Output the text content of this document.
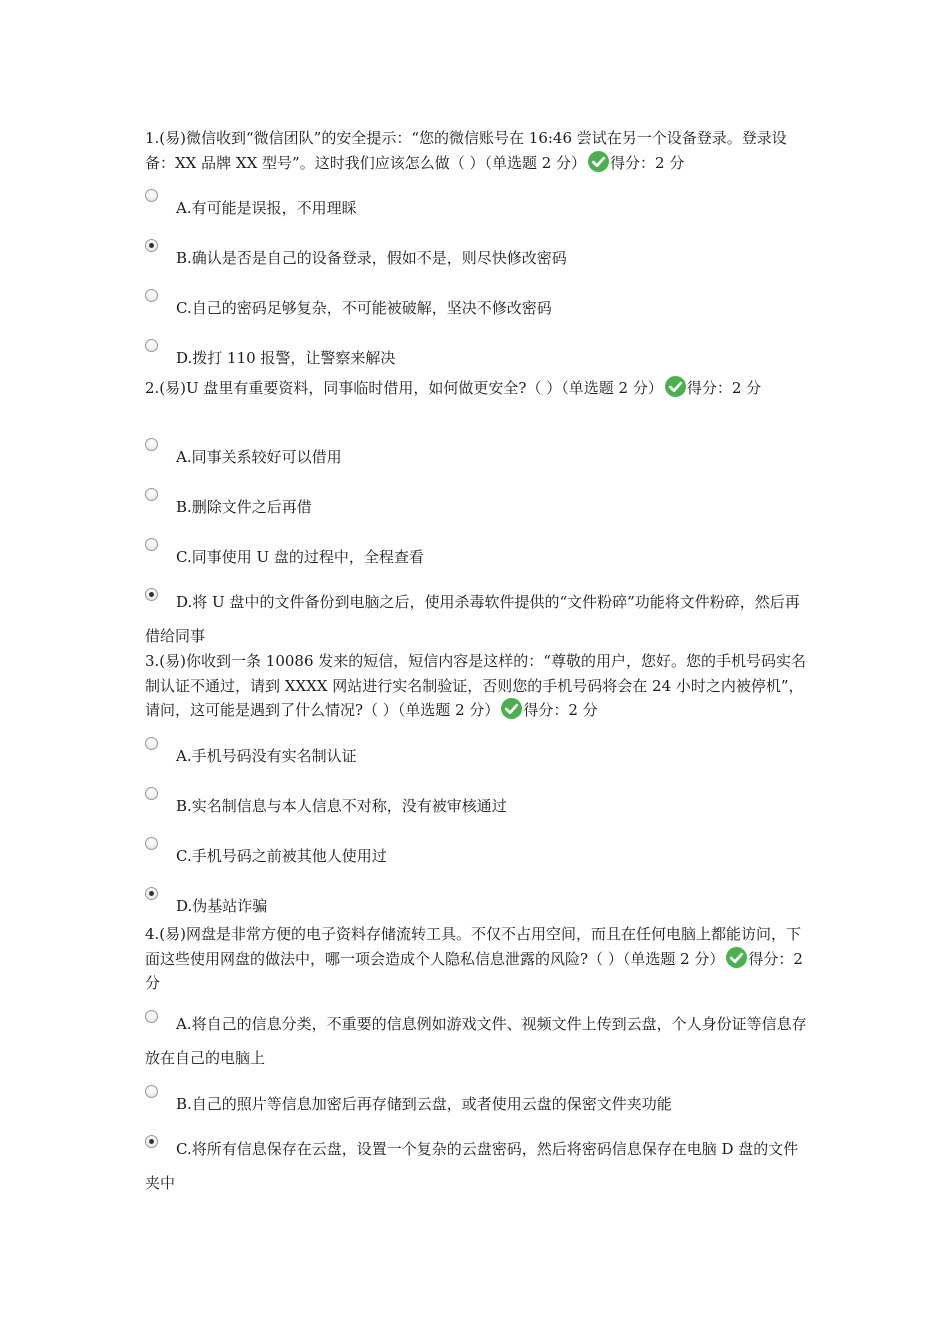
1.(易)微信收到“微信团队”的安全提示：“您的微信账号在 16:46 尝试在另一个设备登录。登录设备：XX 品牌 XX 型号”。这时我们应该怎么做（ ）（单选题 2 分） 得分：2 分

A.有可能是误报，不用理睬

B.确认是否是自己的设备登录，假如不是，则尽快修改密码

C.自己的密码足够复杂，不可能被破解，坚决不修改密码

D.拨打 110 报警，让警察来解决

2.(易)U 盘里有重要资料，同事临时借用，如何做更安全?（ ）（单选题 2 分） 得分：2 分

A.同事关系较好可以借用

B.删除文件之后再借

C.同事使用 U 盘的过程中，全程查看

D.将 U 盘中的文件备份到电脑之后，使用杀毒软件提供的“文件粉碎”功能将文件粉碎，然后再借给同事

3.(易)你收到一条 10086 发来的短信，短信内容是这样的：“尊敬的用户，您好。您的手机号码实名制认证不通过，请到 XXXX 网站进行实名制验证，否则您的手机号码将会在 24 小时之内被停机”，请问，这可能是遇到了什么情况?（ ）（单选题 2 分） 得分：2 分

A.手机号码没有实名制认证

B.实名制信息与本人信息不对称，没有被审核通过

C.手机号码之前被其他人使用过

D.伪基站诈骗

4.(易)网盘是非常方便的电子资料存储流转工具。不仅不占用空间，而且在任何电脑上都能访问，下面这些使用网盘的做法中，哪一项会造成个人隐私信息泄露的风险?（ ）（单选题 2 分） 得分：2 分

A.将自己的信息分类，不重要的信息例如游戏文件、视频文件上传到云盘，个人身份证等信息存放在自己的电脑上

B.自己的照片等信息加密后再存储到云盘，或者使用云盘的保密文件夹功能

C.将所有信息保存在云盘，设置一个复杂的云盘密码，然后将密码信息保存在电脑 D 盘的文件夹中
